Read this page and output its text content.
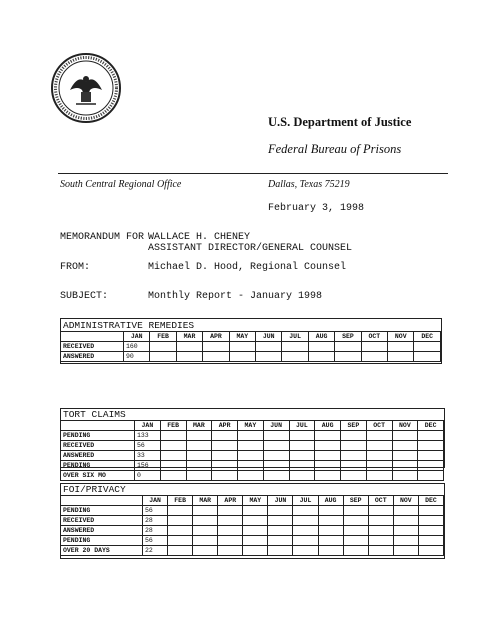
U.S. Department of Justice
Federal Bureau of Prisons
South Central Regional Office	Dallas, Texas 75219
February 3, 1998
MEMORANDUM FOR WALLACE H. CHENEY
ASSISTANT DIRECTOR/GENERAL COUNSEL
FROM:	Michael D. Hood, Regional Counsel
SUBJECT:	Monthly Report - January 1998
ADMINISTRATIVE REMEDIES
	JAN	FEB	MAR	APR	MAY	JUN	JUL	AUG	SEP	OCT	NOV	DEC
RECEIVED	160											
ANSWERED	90											
TORT CLAIMS
	JAN	FEB	MAR	APR	MAY	JUN	JUL	AUG	SEP	OCT	NOV	DEC
PENDING	133											
RECEIVED	56											
ANSWERED	33											
PENDING	156											
OVER SIX MO	0											
FOI/PRIVACY
	JAN	FEB	MAR	APR	MAY	JUN	JUL	AUG	SEP	OCT	NOV	DEC
PENDING	56											
RECEIVED	28											
ANSWERED	28											
PENDING	56											
OVER 20 DAYS	22											
